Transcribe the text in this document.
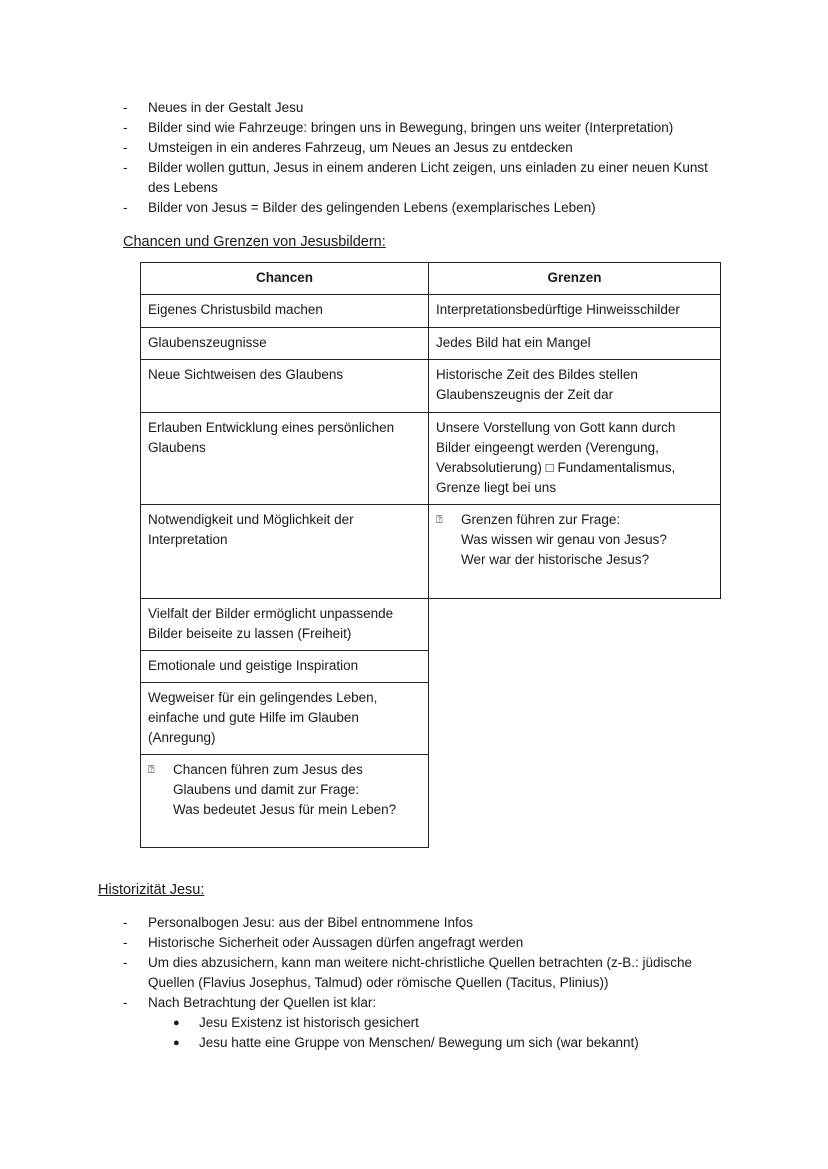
-	Neues in der Gestalt Jesu
-	Bilder sind wie Fahrzeuge: bringen uns in Bewegung, bringen uns weiter (Interpretation)
-	Umsteigen in ein anderes Fahrzeug, um Neues an Jesus zu entdecken
-	Bilder wollen guttun, Jesus in einem anderen Licht zeigen, uns einladen zu einer neuen Kunst des Lebens
-	Bilder von Jesus = Bilder des gelingenden Lebens (exemplarisches Leben)
Chancen und Grenzen von Jesusbildern:
Chancen	Grenzen
Eigenes Christusbild machen	Interpretationsbedürftige Hinweisschilder
Glaubenszeugnisse	Jedes Bild hat ein Mangel
Neue Sichtweisen des Glaubens	Historische Zeit des Bildes stellen Glaubenszeugnis der Zeit dar
Erlauben Entwicklung eines persönlichen Glaubens	Unsere Vorstellung von Gott kann durch Bilder eingeengt werden (Verengung, Verabsolutierung) □ Fundamentalismus, Grenze liegt bei uns
Notwendigkeit und Möglichkeit der Interpretation	⍰ Grenzen führen zur Frage:
Was wissen wir genau von Jesus?
Wer war der historische Jesus?

Vielfalt der Bilder ermöglicht unpassende Bilder beiseite zu lassen (Freiheit)	
Emotionale und geistige Inspiration	
Wegweiser für ein gelingendes Leben, einfache und gute Hilfe im Glauben (Anregung)	

⍰ Chancen führen zum Jesus des Glaubens und damit zur Frage:
Was bedeutet Jesus für mein Leben?	

Historizität Jesu:
-	Personalbogen Jesu: aus der Bibel entnommene Infos
-	Historische Sicherheit oder Aussagen dürfen angefragt werden
-	Um dies abzusichern, kann man weitere nicht-christliche Quellen betrachten (z-B.: jüdische Quellen (Flavius Josephus, Talmud) oder römische Quellen (Tacitus, Plinius))
-	Nach Betrachtung der Quellen ist klar:
● Jesu Existenz ist historisch gesichert
● Jesu hatte eine Gruppe von Menschen/ Bewegung um sich (war bekannt)
